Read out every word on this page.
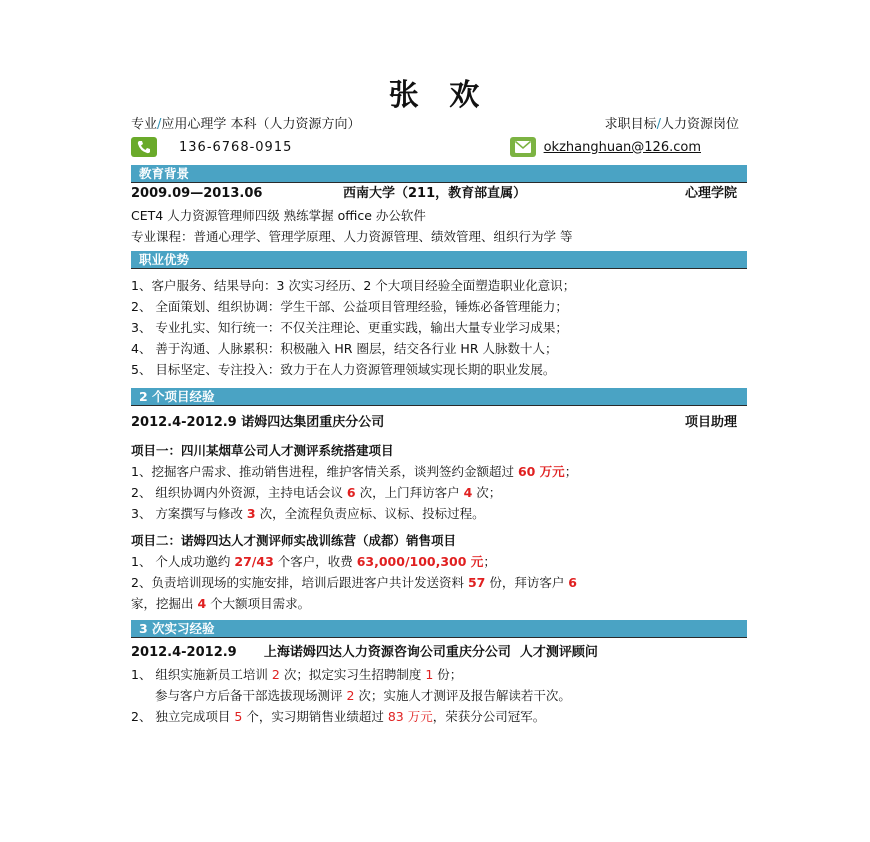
张 欢
专业/应用心理学 本科（人力资源方向）	求职目标/人力资源岗位
136-6768-0915	okzhanghuan@126.com
教育背景
2009.09—2013.06	西南大学（211，教育部直属）	心理学院
CET4 人力资源管理师四级 熟练掌握 office 办公软件
专业课程：普通心理学、管理学原理、人力资源管理、绩效管理、组织行为学 等
职业优势
1、客户服务、结果导向：3 次实习经历、2 个大项目经验全面塑造职业化意识；
2、 全面策划、组织协调：学生干部、公益项目管理经验，锤炼必备管理能力；
3、 专业扎实、知行统一：不仅关注理论、更重实践，输出大量专业学习成果；
4、 善于沟通、人脉累积：积极融入 HR 圈层，结交各行业 HR 人脉数十人；
5、 目标坚定、专注投入：致力于在人力资源管理领域实现长期的职业发展。
2 个项目经验
2012.4-2012.9 诺姆四达集团重庆分公司	项目助理
项目一：四川某烟草公司人才测评系统搭建项目
1、挖掘客户需求、推动销售进程，维护客情关系，谈判签约金额超过 60 万元；
2、 组织协调内外资源，主持电话会议 6 次，上门拜访客户 4 次；
3、 方案撰写与修改 3 次，全流程负责应标、议标、投标过程。
项目二：诺姆四达人才测评师实战训练营（成都）销售项目
1、 个人成功邀约 27/43 个客户，收费 63,000/100,300 元；
2、负责培训现场的实施安排，培训后跟进客户共计发送资料 57 份，拜访客户 6
家，挖掘出 4 个大额项目需求。
3 次实习经验
2012.4-2012.9      上海诺姆四达人力资源咨询公司重庆分公司  人才测评顾问
1、 组织实施新员工培训 2 次；拟定实习生招聘制度 1 份；
参与客户方后备干部选拔现场测评 2 次；实施人才测评及报告解读若干次。
2、 独立完成项目 5 个，实习期销售业绩超过 83 万元，荣获分公司冠军。
